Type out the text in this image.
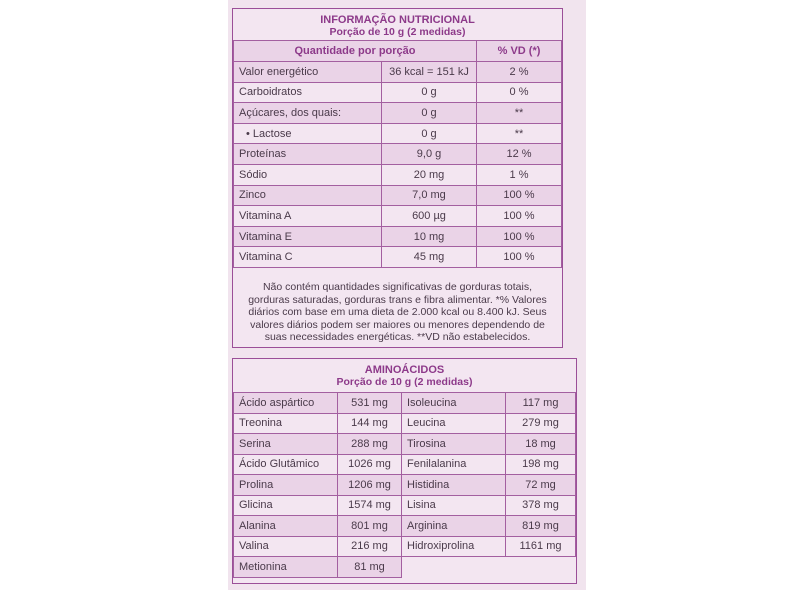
INFORMAÇÃO NUTRICIONAL
Porção de 10 g (2 medidas)
Quantidade por porção		% VD (*)
Valor energético	36 kcal = 151 kJ	2 %
Carboidratos	0 g	0 %
Açúcares, dos quais:	0 g	**
• Lactose	0 g	**
Proteínas	9,0 g	12 %
Sódio	20 mg	1 %
Zinco	7,0 mg	100 %
Vitamina A	600 µg	100 %
Vitamina E	10 mg	100 %
Vitamina C	45 mg	100 %
Não contém quantidades significativas de gorduras totais, gorduras saturadas, gorduras trans e fibra alimentar. *% Valores diários com base em uma dieta de 2.000 kcal ou 8.400 kJ. Seus valores diários podem ser maiores ou menores dependendo de suas necessidades energéticas. **VD não estabelecidos.
AMINOÁCIDOS
Porção de 10 g (2 medidas)
Ácido aspártico	531 mg	Isoleucina	117 mg
Treonina	144 mg	Leucina	279 mg
Serina	288 mg	Tirosina	18 mg
Ácido Glutâmico	1026 mg	Fenilalanina	198 mg
Prolina	1206 mg	Histidina	72 mg
Glicina	1574 mg	Lisina	378 mg
Alanina	801 mg	Arginina	819 mg
Valina	216 mg	Hidroxiprolina	1161 mg
Metionina	81 mg		
